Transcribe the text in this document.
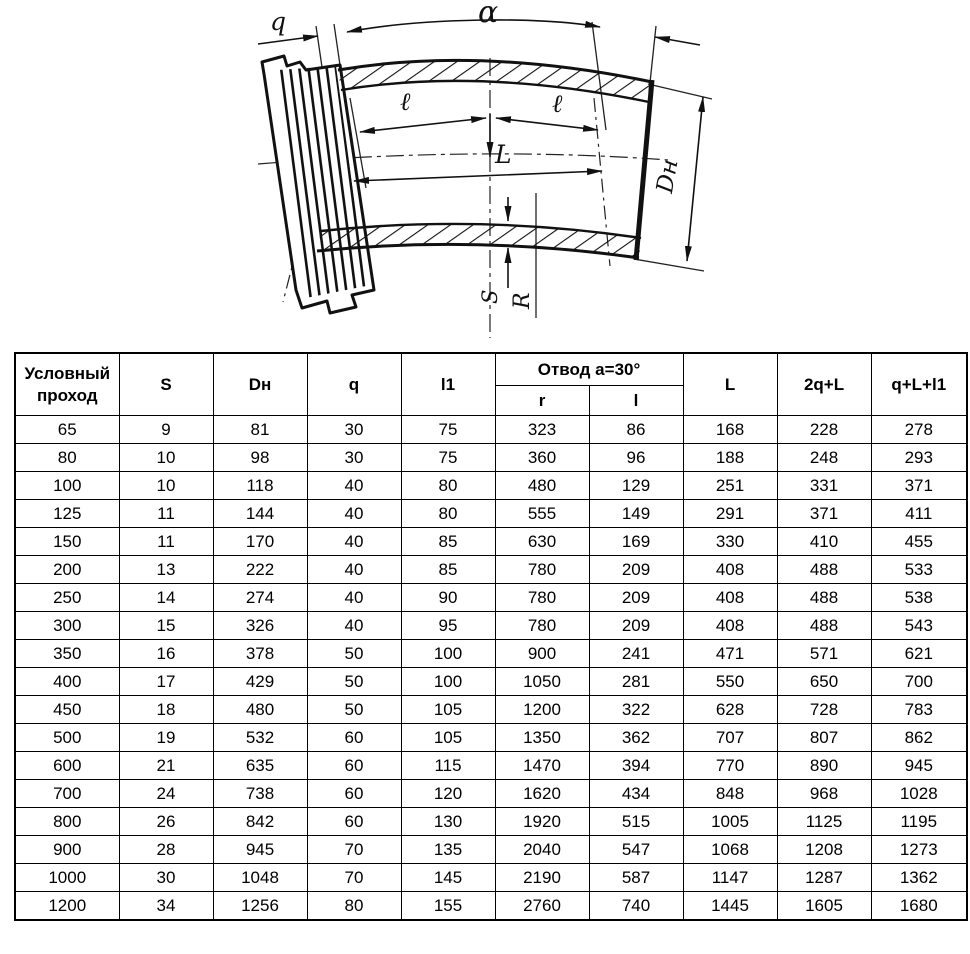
q	α
ℓ	ℓ
L
Dн
S R
Условный проход	S	Dн	q	l1	Отвод a=30°		L	2q+L	q+L+l1
					r	l			
65	9	81	30	75	323	86	168	228	278
80	10	98	30	75	360	96	188	248	293
100	10	118	40	80	480	129	251	331	371
125	11	144	40	80	555	149	291	371	411
150	11	170	40	85	630	169	330	410	455
200	13	222	40	85	780	209	408	488	533
250	14	274	40	90	780	209	408	488	538
300	15	326	40	95	780	209	408	488	543
350	16	378	50	100	900	241	471	571	621
400	17	429	50	100	1050	281	550	650	700
450	18	480	50	105	1200	322	628	728	783
500	19	532	60	105	1350	362	707	807	862
600	21	635	60	115	1470	394	770	890	945
700	24	738	60	120	1620	434	848	968	1028
800	26	842	60	130	1920	515	1005	1125	1195
900	28	945	70	135	2040	547	1068	1208	1273
1000	30	1048	70	145	2190	587	1147	1287	1362
1200	34	1256	80	155	2760	740	1445	1605	1680
